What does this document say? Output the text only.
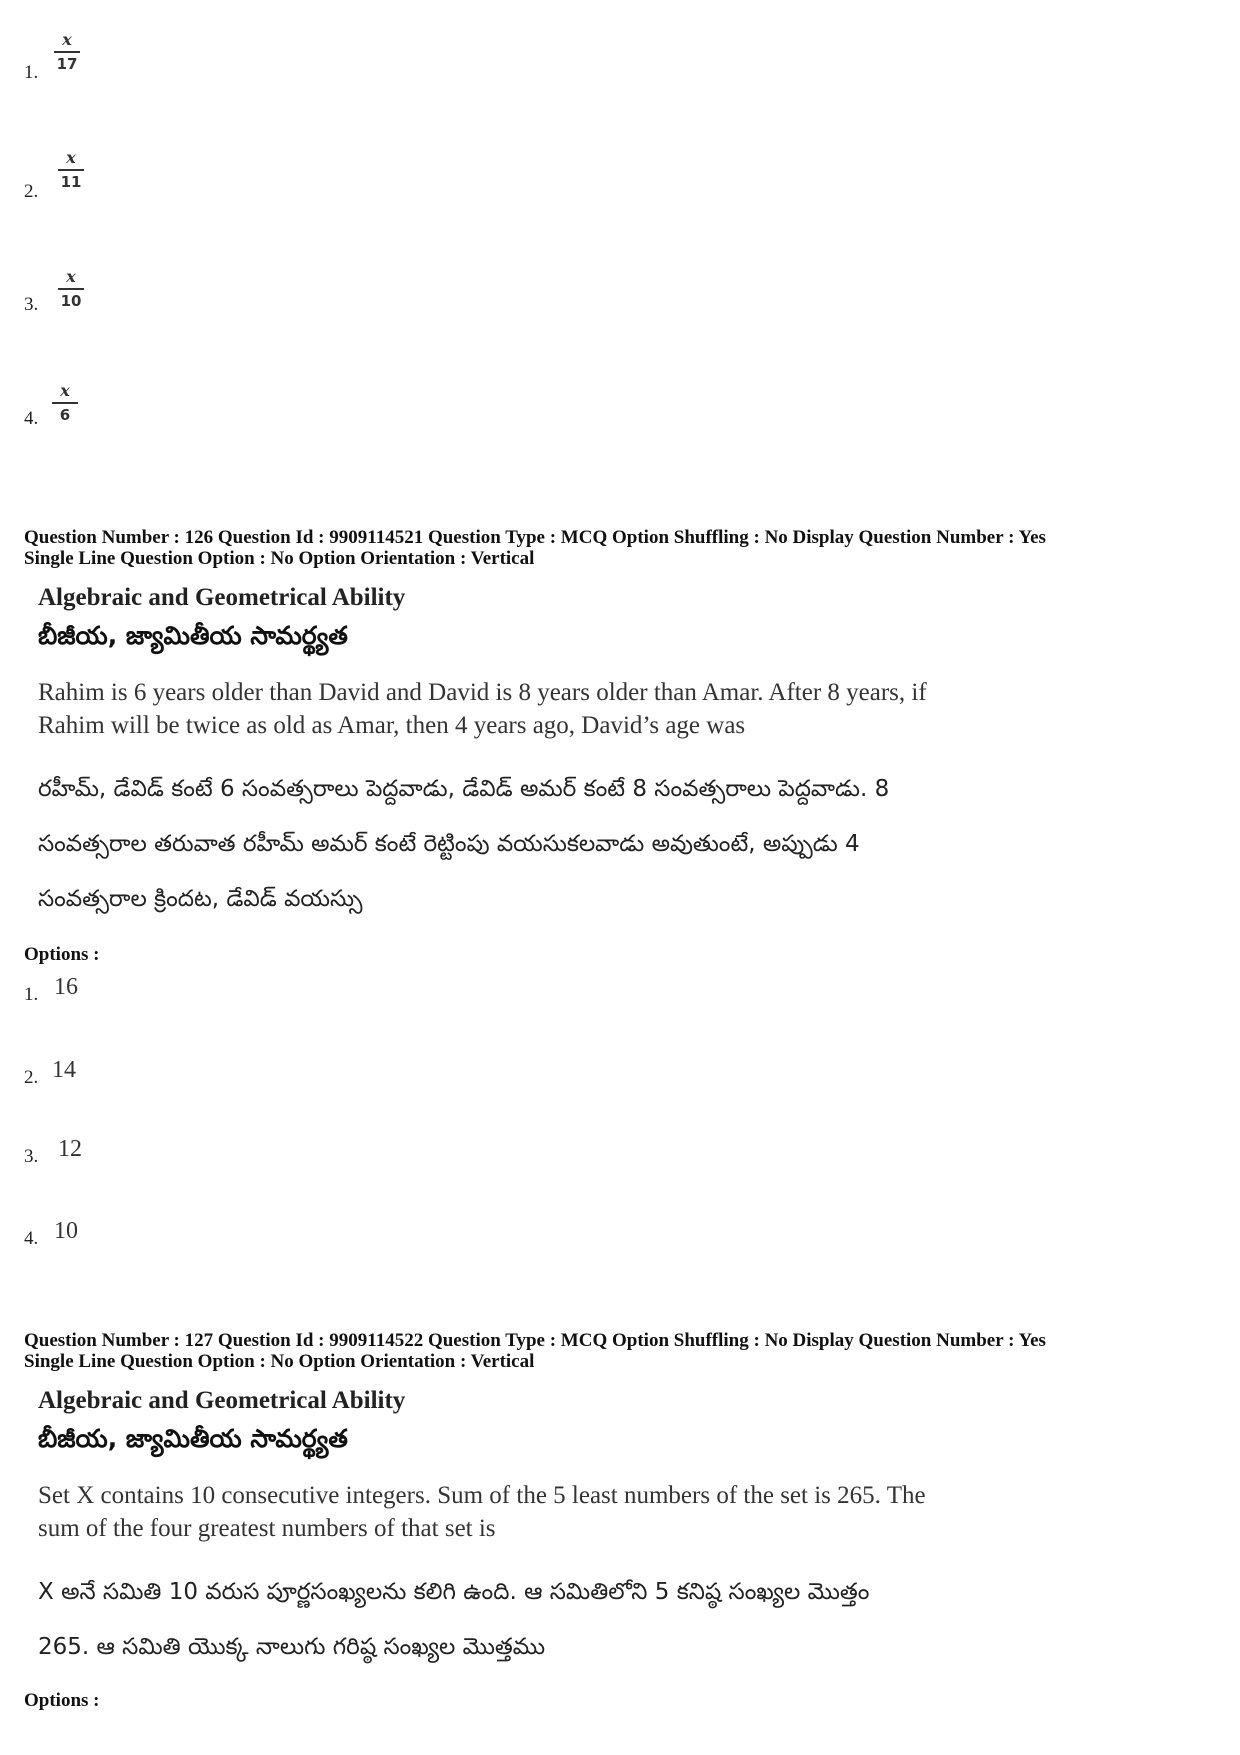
1.
x
17
2.
x
11
3.
x
10
4.
x
6
Question Number : 126 Question Id : 9909114521 Question Type : MCQ Option Shuffling : No Display Question Number : Yes
Single Line Question Option : No Option Orientation : Vertical
Algebraic and Geometrical Ability
బీజీయ, జ్యామితీయ సామర్థ్యత
Rahim is 6 years older than David and David is 8 years older than Amar. After 8 years, if
Rahim will be twice as old as Amar, then 4 years ago, David’s age was
రహీమ్, డేవిడ్ కంటే 6 సంవత్సరాలు పెద్దవాడు, డేవిడ్ అమర్ కంటే 8 సంవత్సరాలు పెద్దవాడు. 8
సంవత్సరాల తరువాత రహీమ్ అమర్ కంటే రెట్టింపు వయసుకలవాడు అవుతుంటే, అప్పుడు 4
సంవత్సరాల క్రిందట, డేవిడ్ వయస్సు
Options :
1. 16
2. 14
3. 12
4. 10
Question Number : 127 Question Id : 9909114522 Question Type : MCQ Option Shuffling : No Display Question Number : Yes
Single Line Question Option : No Option Orientation : Vertical
Algebraic and Geometrical Ability
బీజీయ, జ్యామితీయ సామర్థ్యత
Set X contains 10 consecutive integers. Sum of the 5 least numbers of the set is 265. The
sum of the four greatest numbers of that set is
X అనే సమితి 10 వరుస పూర్ణసంఖ్యలను కలిగి ఉంది. ఆ సమితిలోని 5 కనిష్ఠ సంఖ్యల మొత్తం
265. ఆ సమితి యొక్క నాలుగు గరిష్ఠ సంఖ్యల మొత్తము
Options :
